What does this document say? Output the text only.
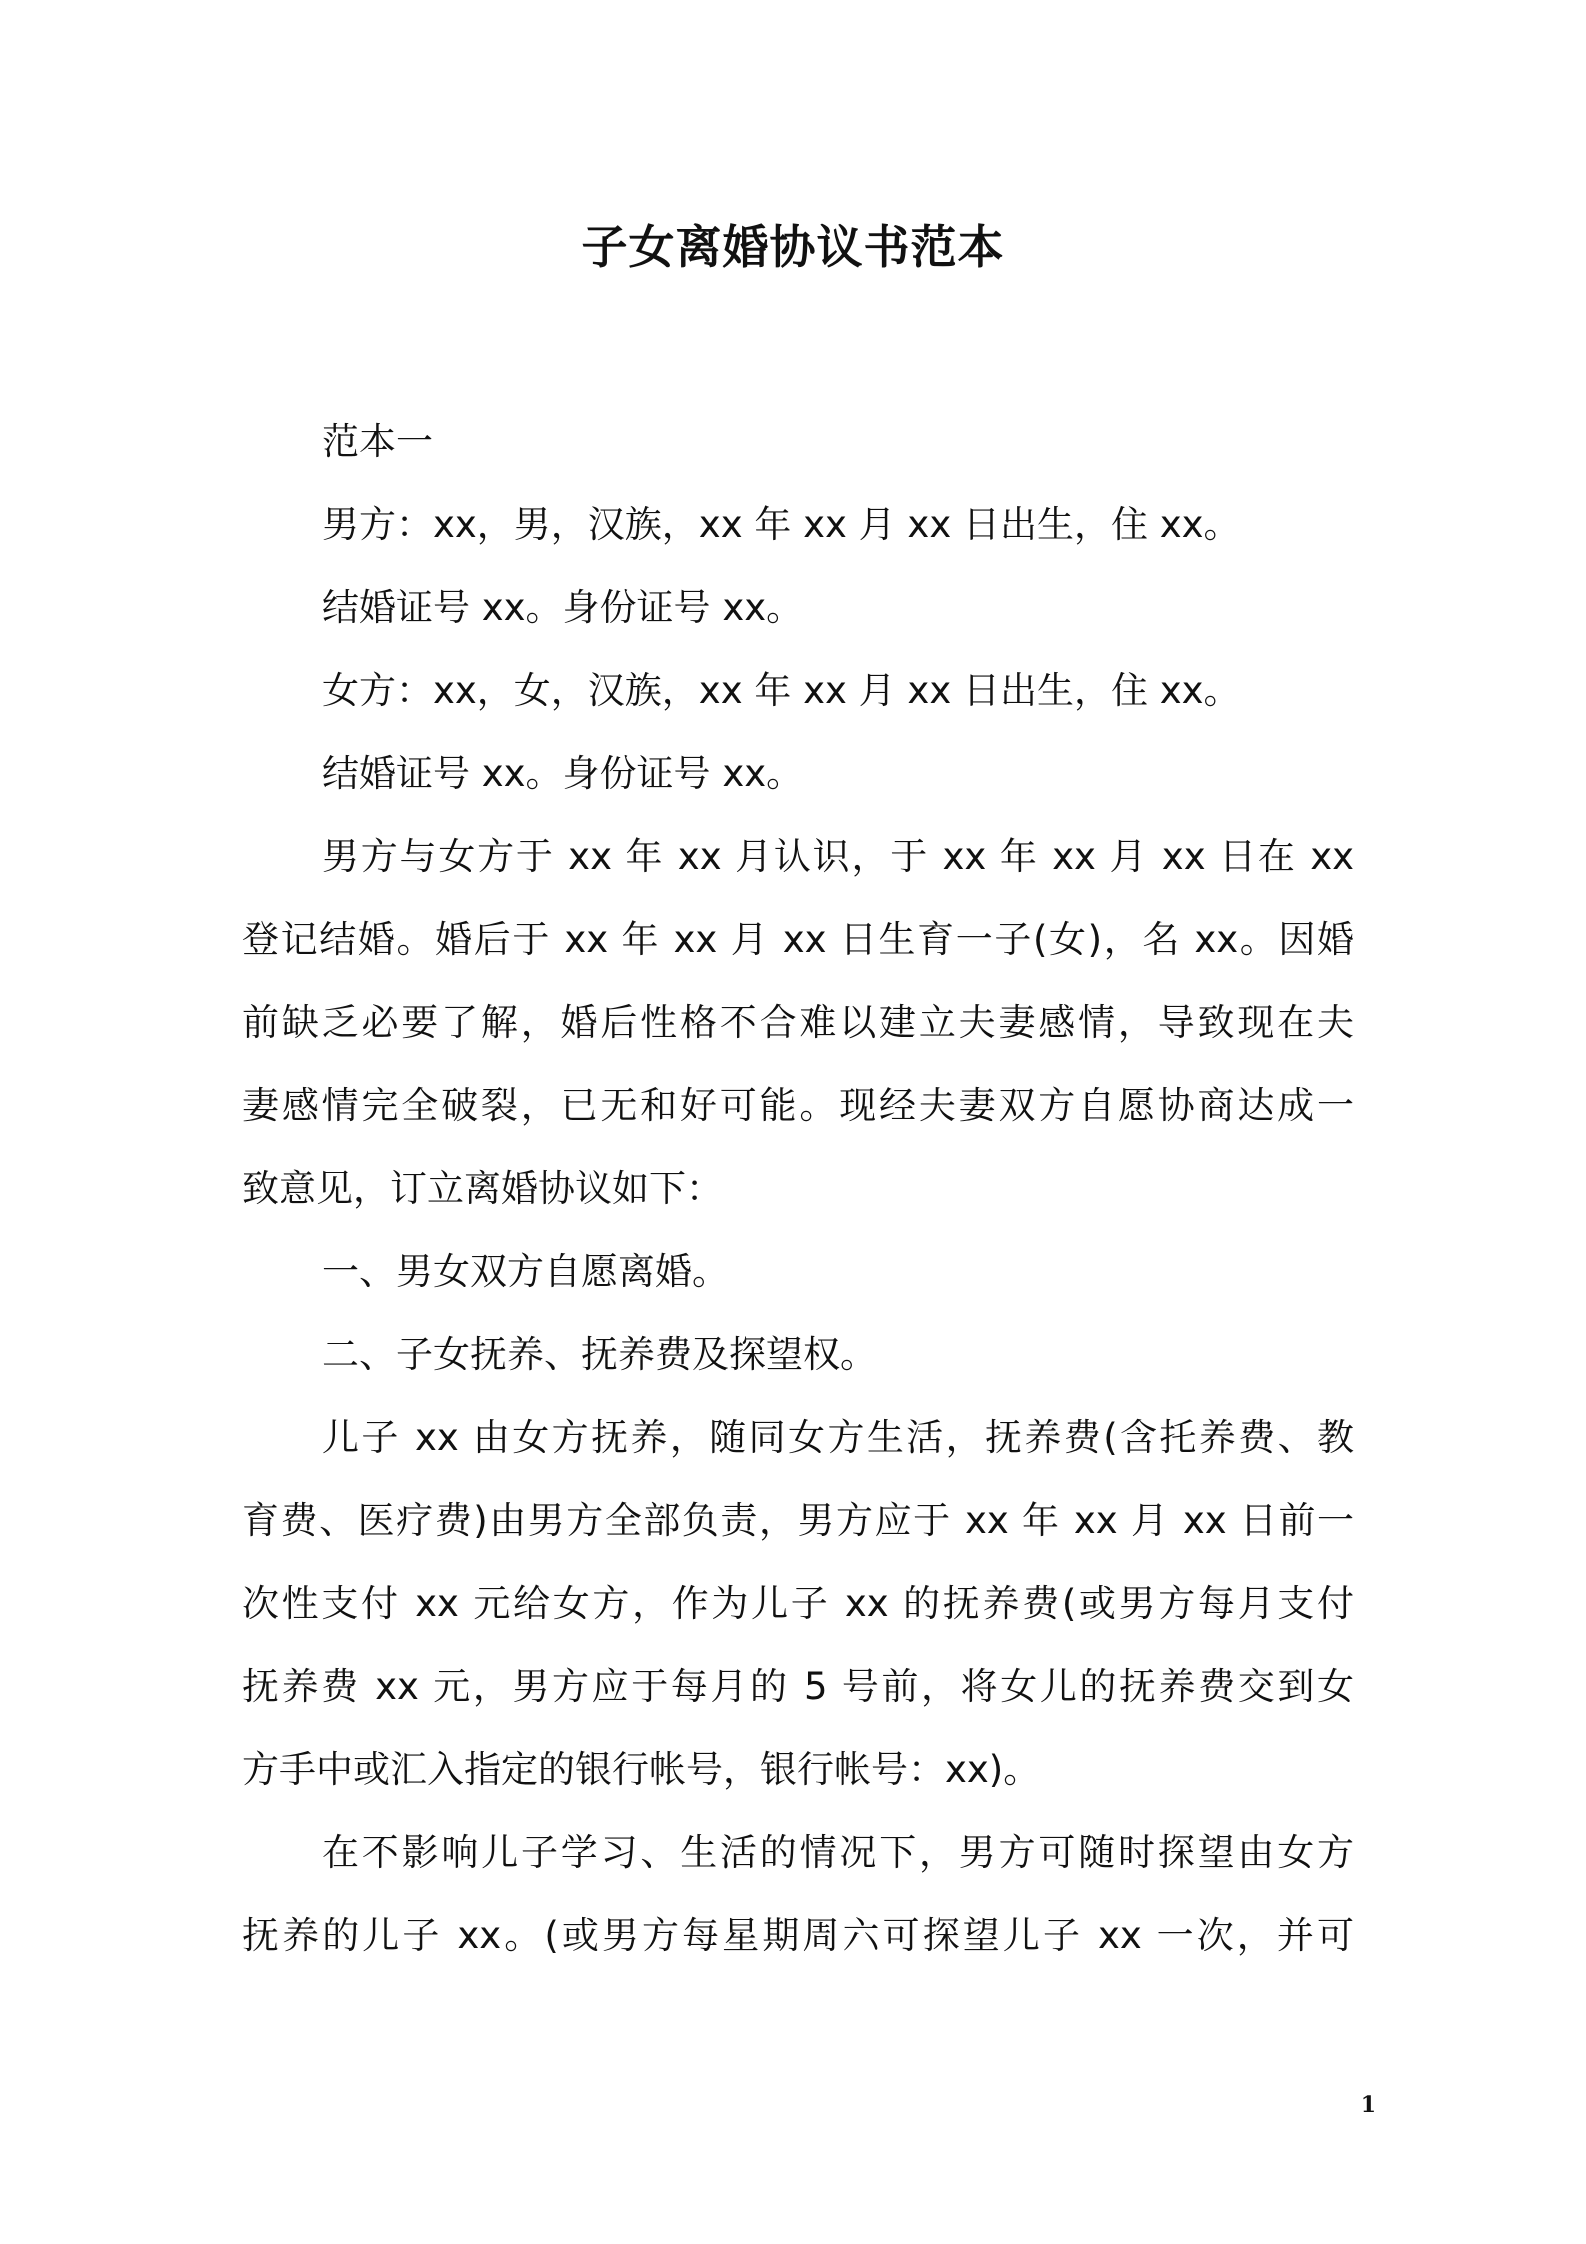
子女离婚协议书范本
范本一
男方：xx，男，汉族，xx 年 xx 月 xx 日出生，住 xx。
结婚证号 xx。身份证号 xx。
女方：xx，女，汉族，xx 年 xx 月 xx 日出生，住 xx。
结婚证号 xx。身份证号 xx。
男方与女方于 xx 年 xx 月认识，于 xx 年 xx 月 xx 日在 xx
登记结婚。婚后于 xx 年 xx 月 xx 日生育一子(女)，名 xx。因婚
前缺乏必要了解，婚后性格不合难以建立夫妻感情，导致现在夫
妻感情完全破裂，已无和好可能。现经夫妻双方自愿协商达成一
致意见，订立离婚协议如下：
一、男女双方自愿离婚。
二、子女抚养、抚养费及探望权。
儿子 xx 由女方抚养，随同女方生活，抚养费(含托养费、教
育费、医疗费)由男方全部负责，男方应于 xx 年 xx 月 xx 日前一
次性支付 xx 元给女方，作为儿子 xx 的抚养费(或男方每月支付
抚养费 xx 元，男方应于每月的 5 号前，将女儿的抚养费交到女
方手中或汇入指定的银行帐号，银行帐号：xx)。
在不影响儿子学习、生活的情况下，男方可随时探望由女方
抚养的儿子 xx。(或男方每星期周六可探望儿子 xx 一次，并可
1
